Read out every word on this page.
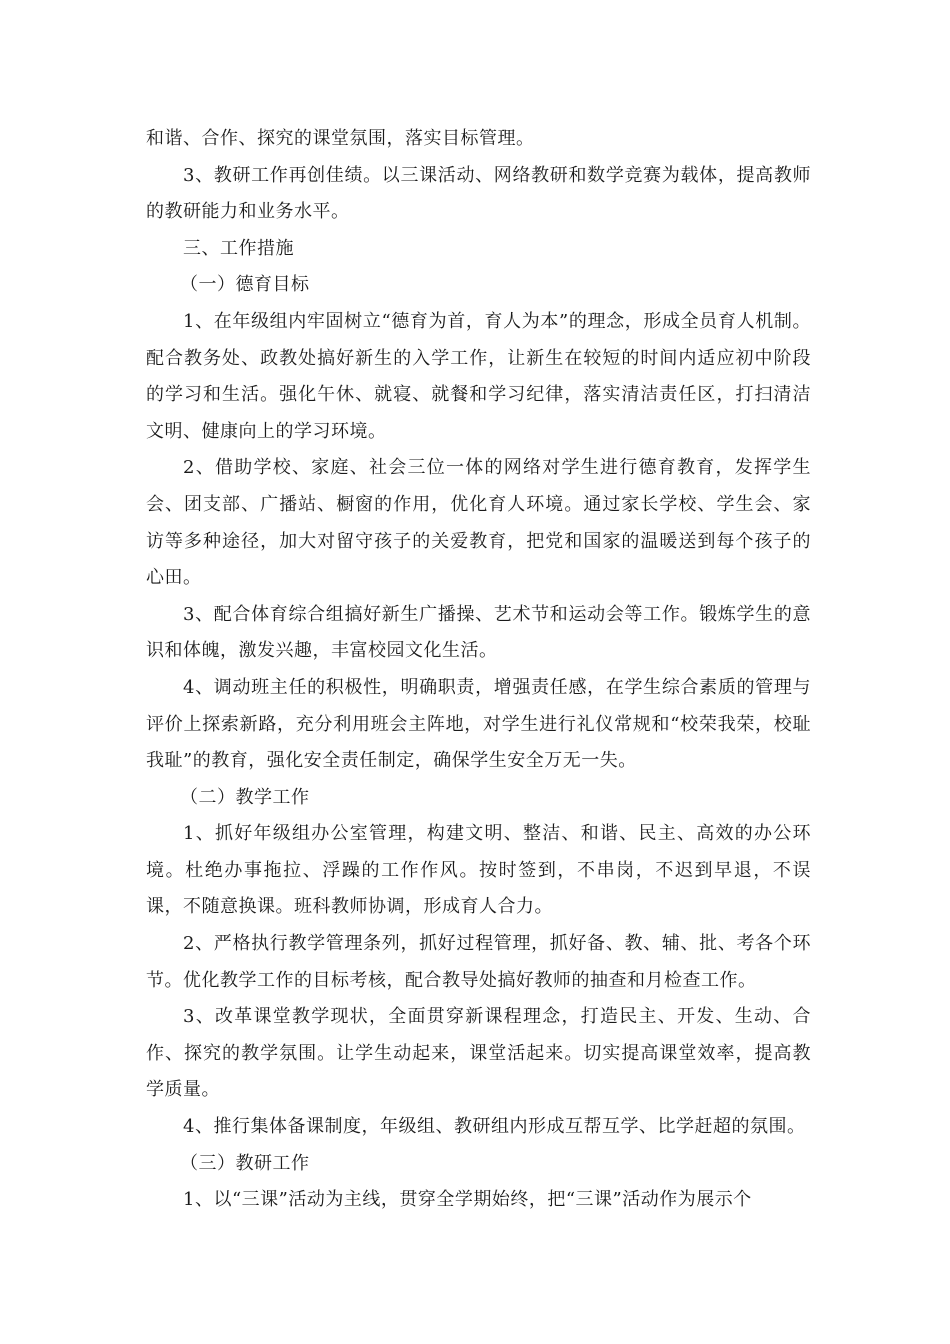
和谐、合作、探究的课堂氛围，落实目标管理。

3、教研工作再创佳绩。以三课活动、网络教研和数学竞赛为载体，提高教师的教研能力和业务水平。

三、工作措施

（一）德育目标

1、在年级组内牢固树立“德育为首，育人为本”的理念，形成全员育人机制。配合教务处、政教处搞好新生的入学工作，让新生在较短的时间内适应初中阶段的学习和生活。强化午休、就寝、就餐和学习纪律，落实清洁责任区，打扫清洁文明、健康向上的学习环境。

2、借助学校、家庭、社会三位一体的网络对学生进行德育教育，发挥学生会、团支部、广播站、橱窗的作用，优化育人环境。通过家长学校、学生会、家访等多种途径，加大对留守孩子的关爱教育，把党和国家的温暖送到每个孩子的心田。

3、配合体育综合组搞好新生广播操、艺术节和运动会等工作。锻炼学生的意识和体魄，激发兴趣，丰富校园文化生活。

4、调动班主任的积极性，明确职责，增强责任感，在学生综合素质的管理与评价上探索新路，充分利用班会主阵地，对学生进行礼仪常规和“校荣我荣，校耻我耻”的教育，强化安全责任制定，确保学生安全万无一失。

（二）教学工作

1、抓好年级组办公室管理，构建文明、整洁、和谐、民主、高效的办公环境。杜绝办事拖拉、浮躁的工作作风。按时签到，不串岗，不迟到早退，不误课，不随意换课。班科教师协调，形成育人合力。

2、严格执行教学管理条列，抓好过程管理，抓好备、教、辅、批、考各个环节。优化教学工作的目标考核，配合教导处搞好教师的抽查和月检查工作。

3、改革课堂教学现状，全面贯穿新课程理念，打造民主、开发、生动、合作、探究的教学氛围。让学生动起来，课堂活起来。切实提高课堂效率，提高教学质量。

4、推行集体备课制度，年级组、教研组内形成互帮互学、比学赶超的氛围。

（三）教研工作

1、以“三课”活动为主线，贯穿全学期始终，把“三课”活动作为展示个
